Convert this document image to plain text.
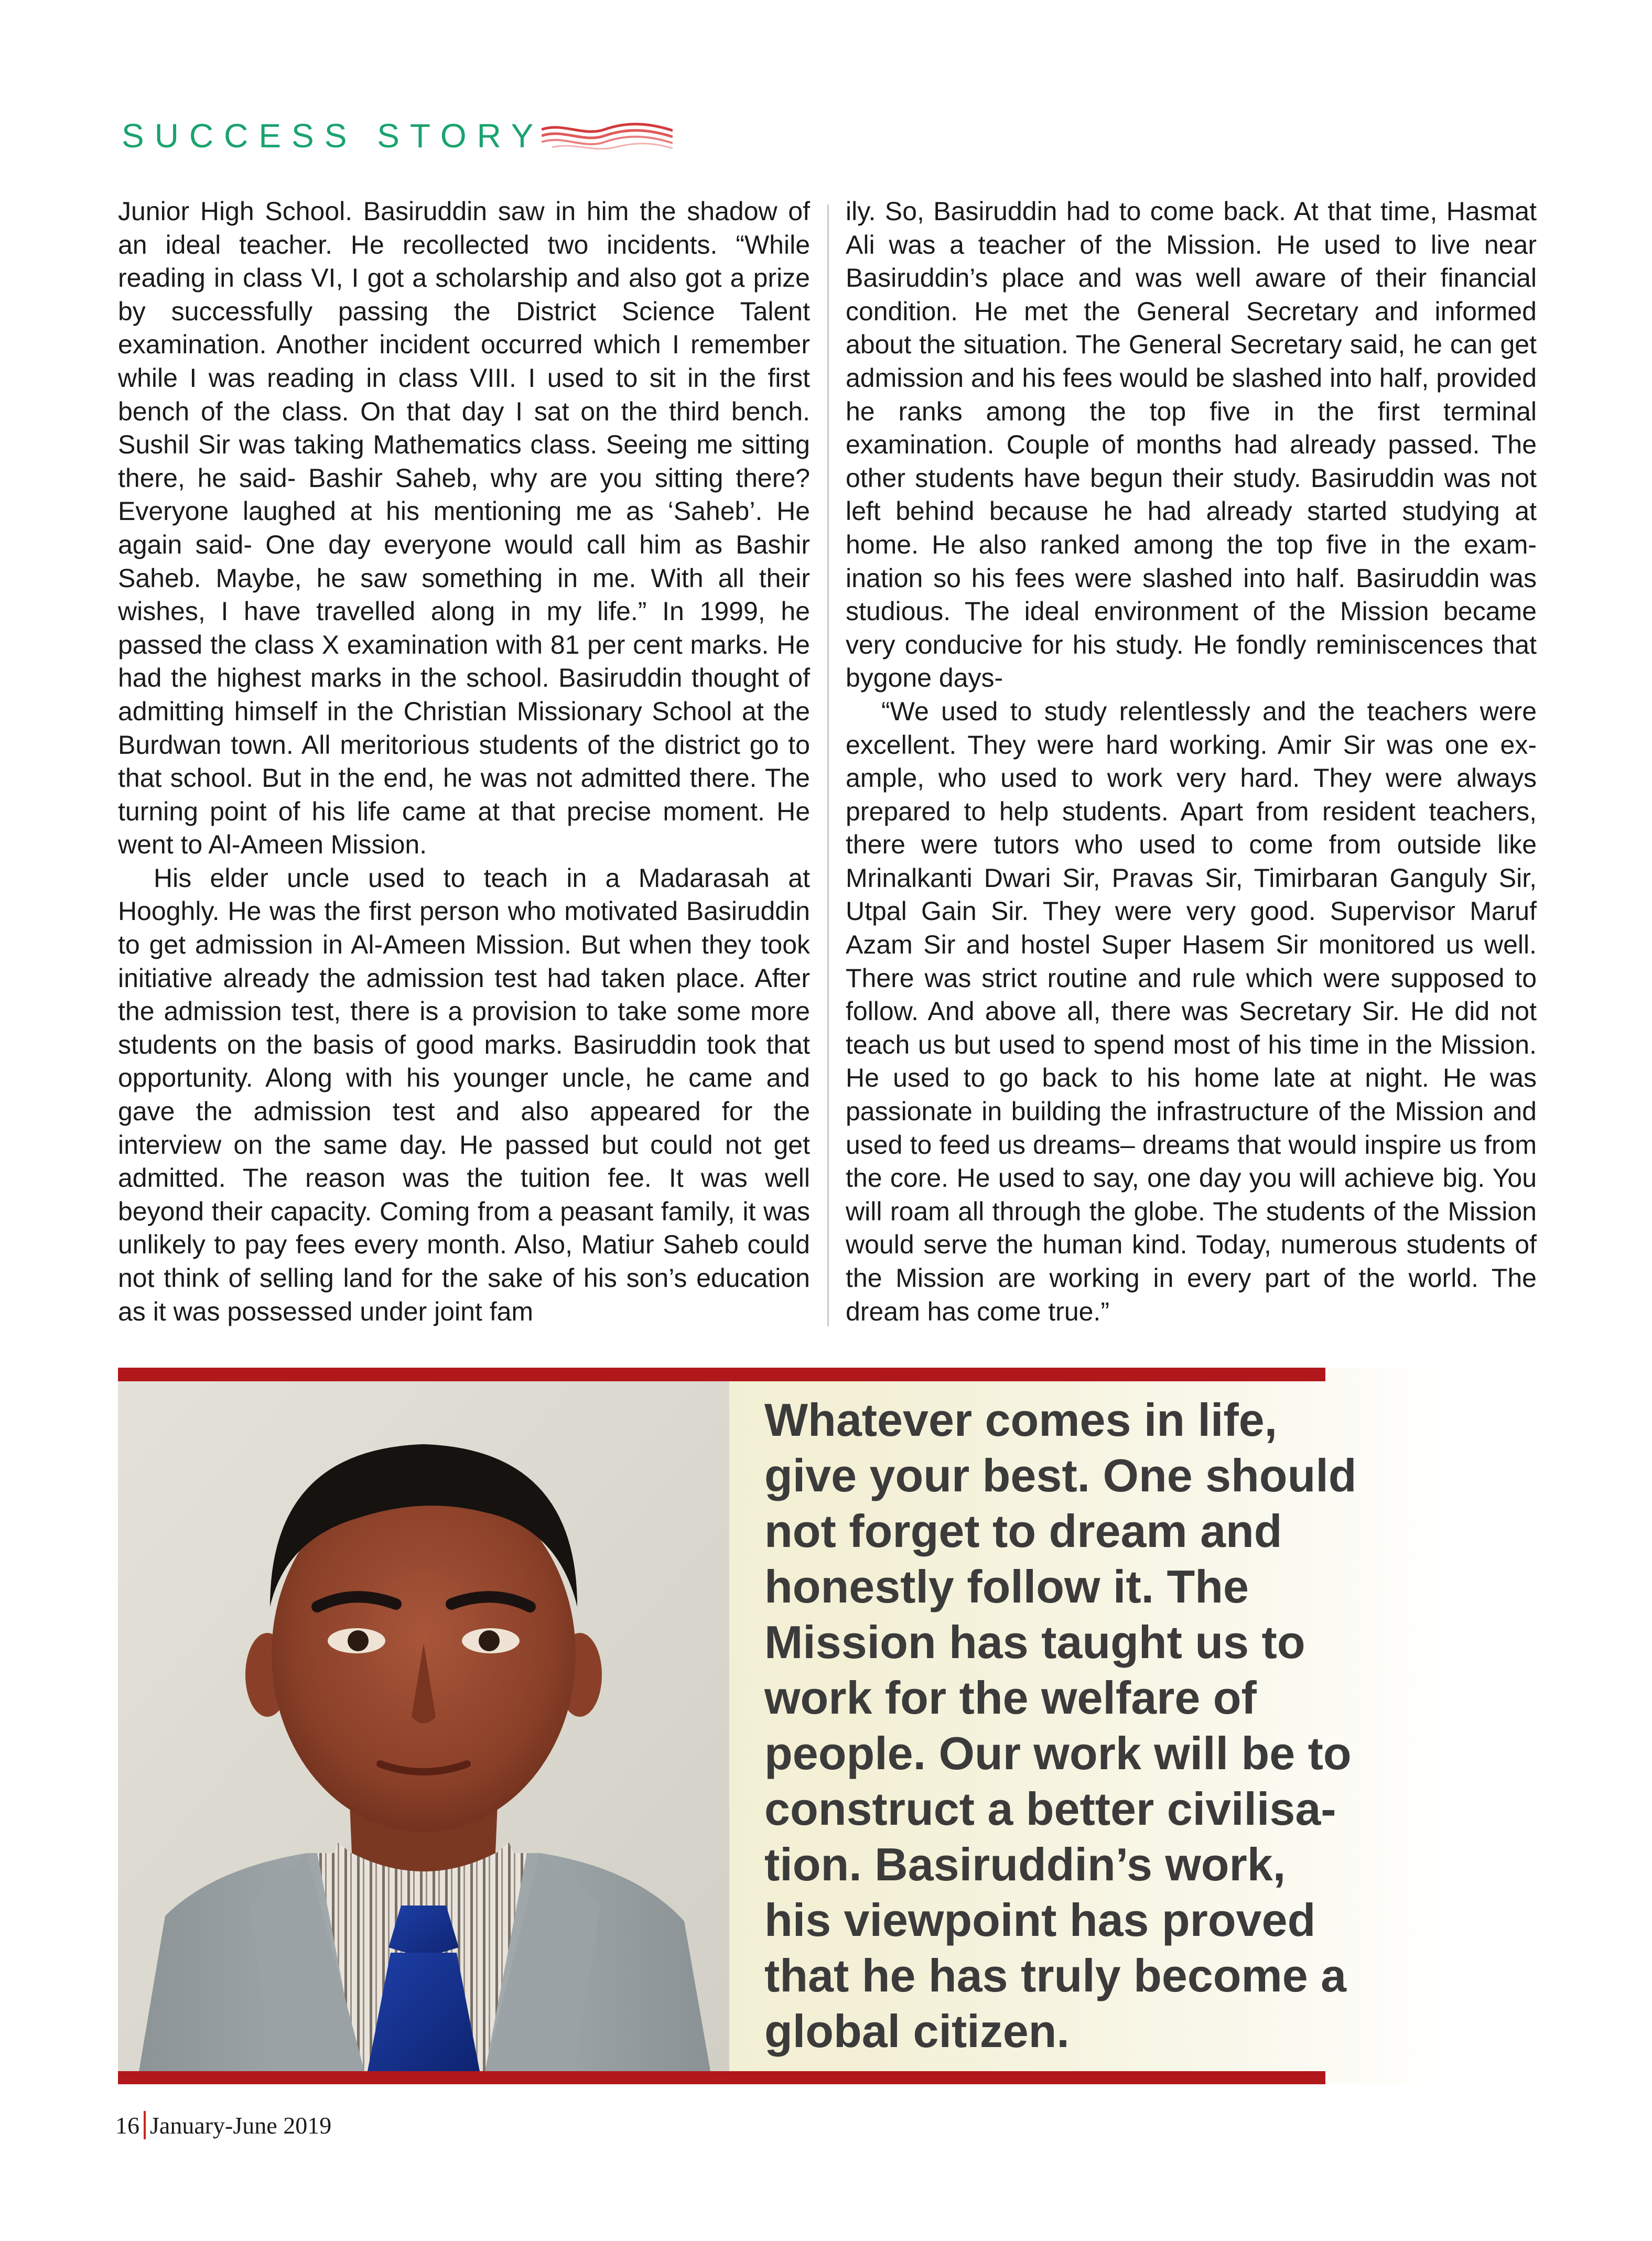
SUCCESS STORY

Junior High School. Basiruddin saw in him the shadow of an ideal teacher. He recollected two incidents. “While reading in class VI, I got a scholarship and also got a prize by successfully passing the District Science Talent examination. Another incident occurred which I remember while I was reading in class VIII. I used to sit in the first bench of the class. On that day I sat on the third bench. Sushil Sir was taking Mathematics class. Seeing me sitting there, he said- Bashir Saheb, why are you sitting there? Everyone laughed at his mentioning me as ‘Saheb’. He again said- One day everyone would call him as Bashir Saheb. Maybe, he saw something in me. With all their wishes, I have travelled along in my life.” In 1999, he passed the class X examination with 81 per cent marks. He had the highest marks in the school. Basiruddin thought of admitting himself in the Christian Missionary School at the Burdwan town. All meritorious students of the district go to that school. But in the end, he was not admitted there. The turning point of his life came at that precise moment. He went to Al-Ameen Mission.

His elder uncle used to teach in a Madarasah at Hooghly. He was the first person who motivated Basiruddin to get admission in Al-Ameen Mission. But when they took initiative already the admission test had taken place. After the admission test, there is a provision to take some more students on the basis of good marks. Basiruddin took that opportunity. Along with his younger uncle, he came and gave the admission test and also appeared for the interview on the same day. He passed but could not get admitted. The reason was the tuition fee. It was well beyond their capacity. Coming from a peasant family, it was unlikely to pay fees every month. Also, Matiur Saheb could not think of selling land for the sake of his son’s education as it was possessed under joint fam

ily. So, Basiruddin had to come back. At that time, Hasmat Ali was a teacher of the Mission. He used to live near Basiruddin’s place and was well aware of their financial condition. He met the General Secretary and informed about the situation. The General Secretary said, he can get admission and his fees would be slashed into half, provided he ranks among the top five in the first terminal examination. Couple of months had already passed. The other students have begun their study. Basiruddin was not left behind because he had already started studying at home. He also ranked among the top five in the examination so his fees were slashed into half. Basiruddin was studious. The ideal environment of the Mission became very conducive for his study. He fondly reminiscences that bygone days-

“We used to study relentlessly and the teachers were excellent. They were hard working. Amir Sir was one example, who used to work very hard. They were always prepared to help students. Apart from resident teachers, there were tutors who used to come from outside like Mrinalkanti Dwari Sir, Pravas Sir, Timirbaran Ganguly Sir, Utpal Gain Sir. They were very good. Supervisor Maruf Azam Sir and hostel Super Hasem Sir monitored us well. There was strict routine and rule which were supposed to follow. And above all, there was Secretary Sir. He did not teach us but used to spend most of his time in the Mission. He used to go back to his home late at night. He was passionate in building the infrastructure of the Mission and used to feed us dreams– dreams that would inspire us from the core. He used to say, one day you will achieve big. You will roam all through the globe. The students of the Mission would serve the human kind. Today, numerous students of the Mission are working in every part of the world. The dream has come true.”

Whatever comes in life,
give your best. One should
not forget to dream and
honestly follow it. The
Mission has taught us to
work for the welfare of
people. Our work will be to
construct a better civilisa-
tion. Basiruddin’s work,
his viewpoint has proved
that he has truly become a
global citizen.
16 January-June 2019
